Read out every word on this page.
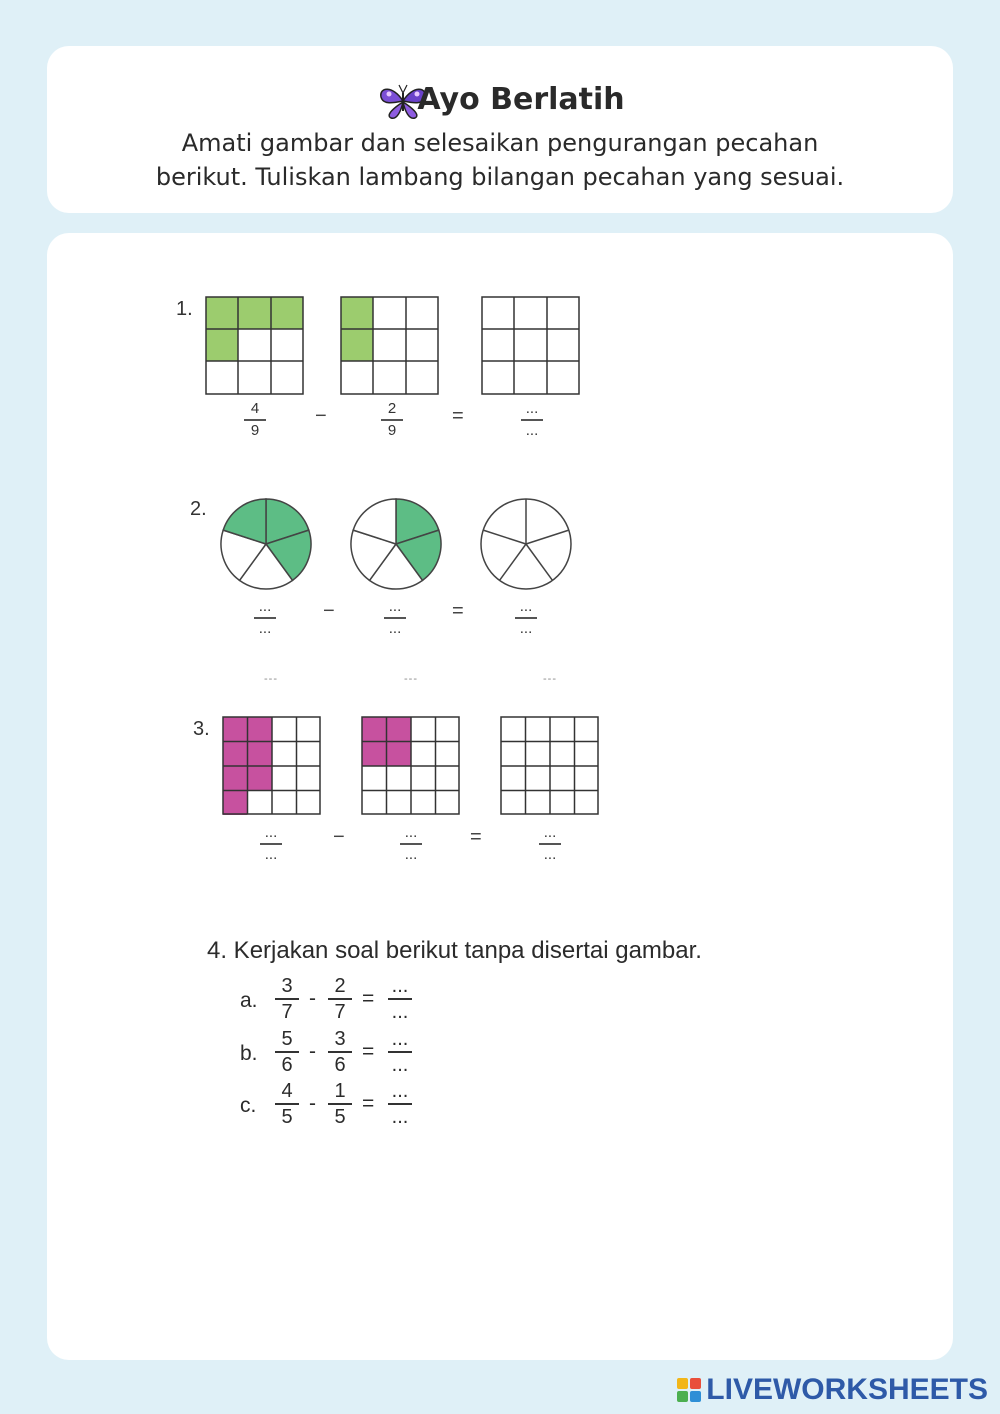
Ayo Berlatih
Amati gambar dan selesaikan pengurangan pecahan
berikut. Tuliskan lambang bilangan pecahan yang sesuai.
1.
4
9
−	2
9
=	...
...
2.
...
...
−	...
...
=	...
...
---	---	---
3.
...
...
−	...
...
=	...
...
4. Kerjakan soal berikut tanpa disertai gambar.
a.
3
7
-
2
7
=
...
...
b.
5
6
-
3
6
=
...
...
c.
4
5
-
1
5
=
...
...
LIVEWORKSHEETS
